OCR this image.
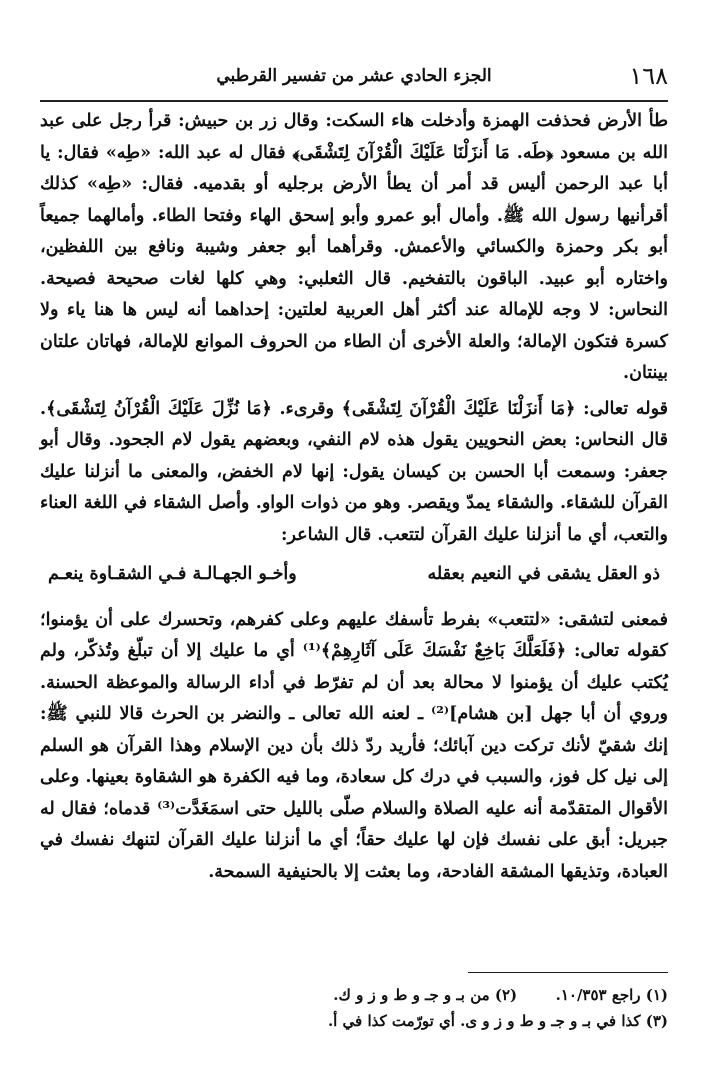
١٦٨
الجزء الحادي عشر من تفسير القرطبي

طأ الأرض فحذفت الهمزة وأدخلت هاء السكت: وقال زر بن حبيش: قرأ رجل على عبد الله بن مسعود ﴿طَه. مَا أَنزَلْنَا عَلَيْكَ الْقُرْآنَ لِتَشْقَى﴾ فقال له عبد الله: «طِه» فقال: يا أبا عبد الرحمن أليس قد أمر أن يطأ الأرض برجليه أو بقدميه. فقال: «طِه» كذلك أقرأنيها رسول الله ﷺ. وأمال أبو عمرو وأبو إسحق الهاء وفتحا الطاء. وأمالهما جميعاً أبو بكر وحمزة والكسائي والأعمش. وقرأهما أبو جعفر وشيبة ونافع بين اللفظين، واختاره أبو عبيد. الباقون بالتفخيم. قال الثعلبي: وهي كلها لغات صحيحة فصيحة. النحاس: لا وجه للإمالة عند أكثر أهل العربية لعلتين: إحداهما أنه ليس ها هنا ياء ولا كسرة فتكون الإمالة؛ والعلة الأخرى أن الطاء من الحروف الموانع للإمالة، فهاتان علتان بينتان.

قوله تعالى: ﴿مَا أَنزَلْنَا عَلَيْكَ الْقُرْآنَ لِتَشْقَى﴾ وقرىء. ﴿مَا نُزِّلَ عَلَيْكَ الْقُرْآنُ لِتَشْقَى﴾. قال النحاس: بعض النحويين يقول هذه لام النفي، وبعضهم يقول لام الجحود. وقال أبو جعفر: وسمعت أبا الحسن بن كيسان يقول: إنها لام الخفض، والمعنى ما أنزلنا عليك القرآن للشقاء. والشقاء يمدّ ويقصر. وهو من ذوات الواو. وأصل الشقاء في اللغة العناء والتعب، أي ما أنزلنا عليك القرآن لتتعب. قال الشاعر:

ذو العقل يشقى في النعيم بعقله
وأخـو الجهـالـة فـي الشقـاوة ينعـم

فمعنى لتشقى: «لتتعب» بفرط تأسفك عليهم وعلى كفرهم، وتحسرك على أن يؤمنوا؛ كقوله تعالى: ﴿فَلَعَلَّكَ بَاخِعٌ نَفْسَكَ عَلَى آثَارِهِمْ﴾⁽¹⁾ أي ما عليك إلا أن تبلّغ وتُذكّر، ولم يُكتب عليك أن يؤمنوا لا محالة بعد أن لم تفرّط في أداء الرسالة والموعظة الحسنة. وروي أن أبا جهل [بن هشام]⁽²⁾ ـ لعنه الله تعالى ـ والنضر بن الحرث قالا للنبي ﷺ: إنك شقيّ لأنك تركت دين آبائك؛ فأريد ردّ ذلك بأن دين الإسلام وهذا القرآن هو السلم إلى نيل كل فوز، والسبب في درك كل سعادة، وما فيه الكفرة هو الشقاوة بعينها. وعلى الأقوال المتقدّمة أنه عليه الصلاة والسلام صلّى بالليل حتى اسمَغَدَّت⁽³⁾ قدماه؛ فقال له جبريل: أبق على نفسك فإن لها عليك حقاً؛ أي ما أنزلنا عليك القرآن لتنهك نفسك في العبادة، وتذيقها المشقة الفادحة، وما بعثت إلا بالحنيفية السمحة.

(١) راجع ١٠/٣٥٣.  (٢) من بـ و جـ و ط و ز و ك.
(٣) كذا في بـ و جـ و ط و ز و ى. أي تورّمت كذا في أ.
